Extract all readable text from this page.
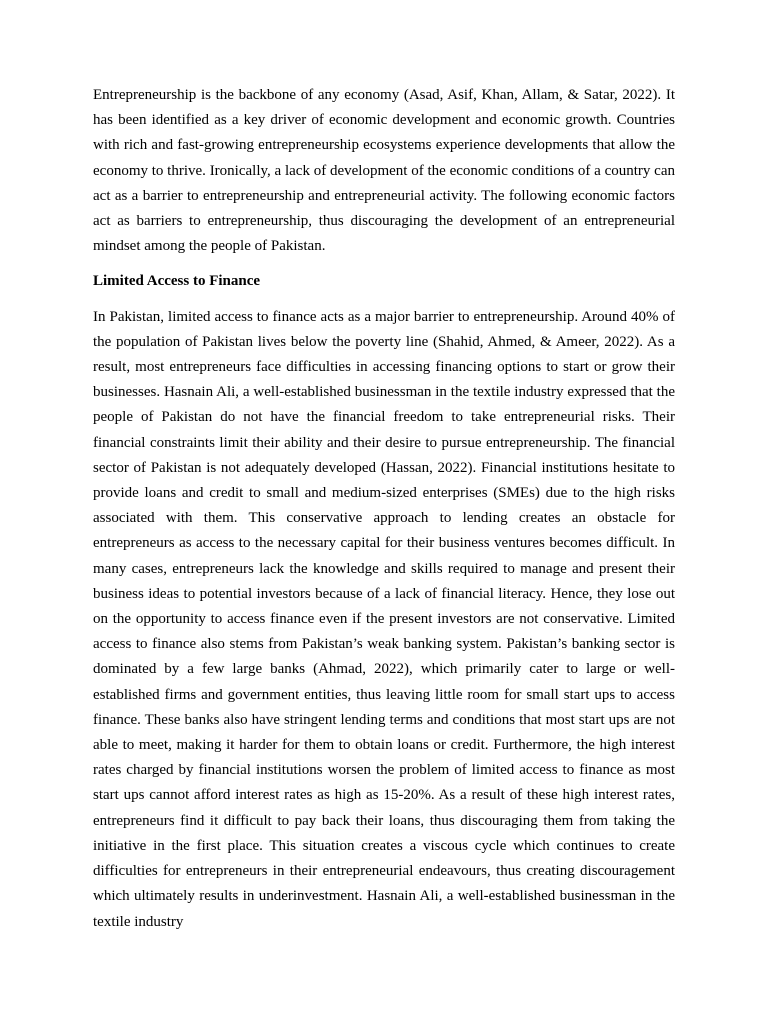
Entrepreneurship is the backbone of any economy (Asad, Asif, Khan, Allam, & Satar, 2022). It has been identified as a key driver of economic development and economic growth. Countries with rich and fast-growing entrepreneurship ecosystems experience developments that allow the economy to thrive. Ironically, a lack of development of the economic conditions of a country can act as a barrier to entrepreneurship and entrepreneurial activity. The following economic factors act as barriers to entrepreneurship, thus discouraging the development of an entrepreneurial mindset among the people of Pakistan.

Limited Access to Finance

In Pakistan, limited access to finance acts as a major barrier to entrepreneurship. Around 40% of the population of Pakistan lives below the poverty line (Shahid, Ahmed, & Ameer, 2022). As a result, most entrepreneurs face difficulties in accessing financing options to start or grow their businesses. Hasnain Ali, a well-established businessman in the textile industry expressed that the people of Pakistan do not have the financial freedom to take entrepreneurial risks. Their financial constraints limit their ability and their desire to pursue entrepreneurship. The financial sector of Pakistan is not adequately developed (Hassan, 2022). Financial institutions hesitate to provide loans and credit to small and medium-sized enterprises (SMEs) due to the high risks associated with them. This conservative approach to lending creates an obstacle for entrepreneurs as access to the necessary capital for their business ventures becomes difficult. In many cases, entrepreneurs lack the knowledge and skills required to manage and present their business ideas to potential investors because of a lack of financial literacy. Hence, they lose out on the opportunity to access finance even if the present investors are not conservative. Limited access to finance also stems from Pakistan’s weak banking system. Pakistan’s banking sector is dominated by a few large banks (Ahmad, 2022), which primarily cater to large or well-established firms and government entities, thus leaving little room for small start ups to access finance. These banks also have stringent lending terms and conditions that most start ups are not able to meet, making it harder for them to obtain loans or credit. Furthermore, the high interest rates charged by financial institutions worsen the problem of limited access to finance as most start ups cannot afford interest rates as high as 15-20%. As a result of these high interest rates, entrepreneurs find it difficult to pay back their loans, thus discouraging them from taking the initiative in the first place. This situation creates a viscous cycle which continues to create difficulties for entrepreneurs in their entrepreneurial endeavours, thus creating discouragement which ultimately results in underinvestment. Hasnain Ali, a well-established businessman in the textile industry
